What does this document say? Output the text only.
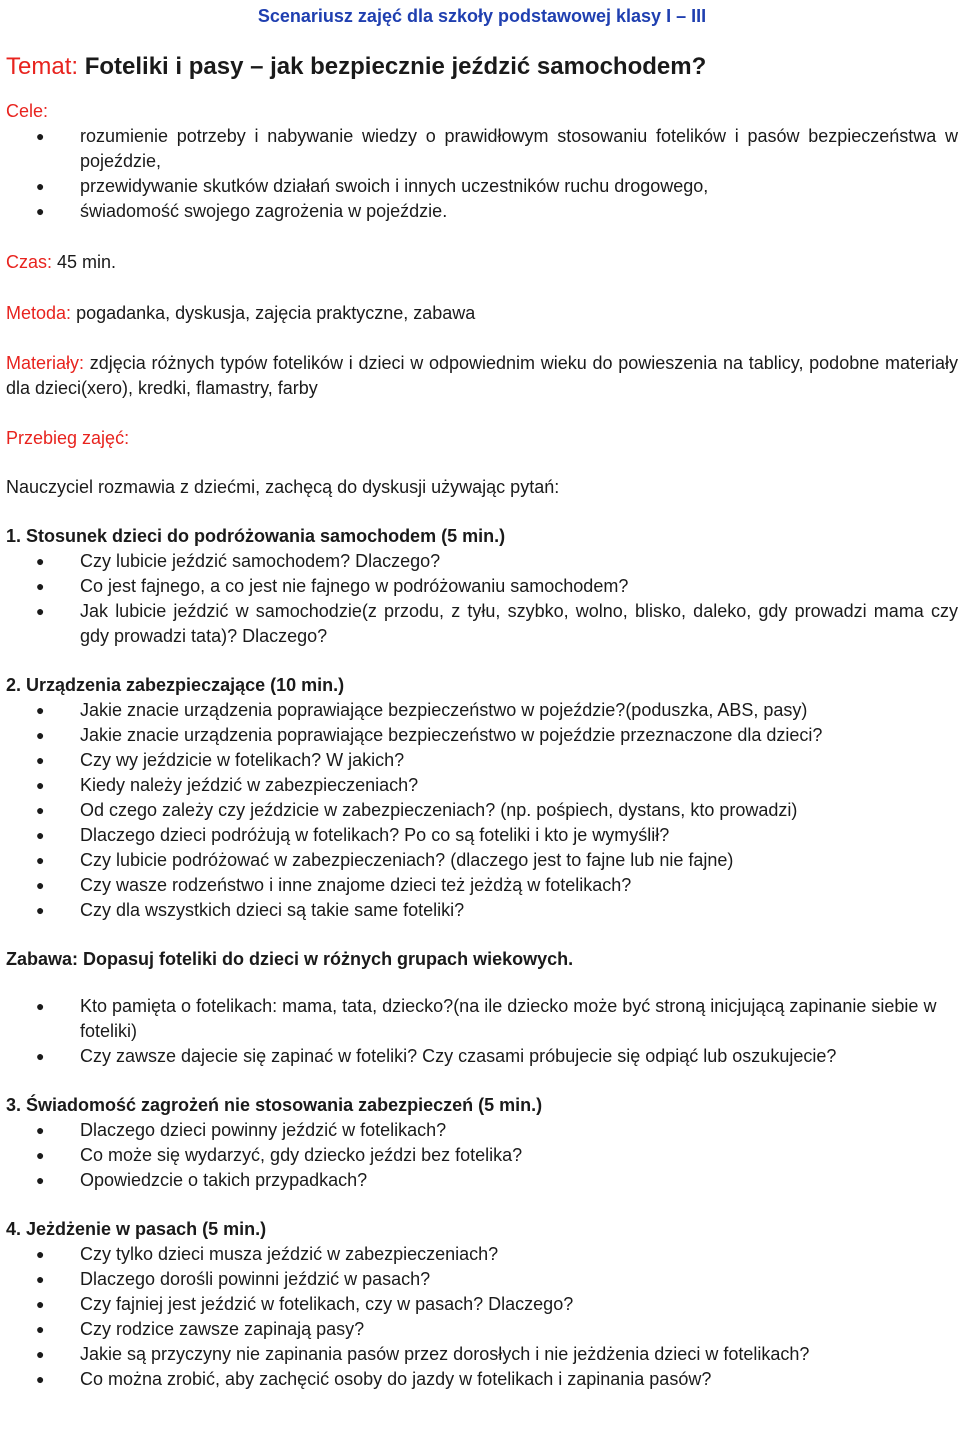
Scenariusz zajęć dla szkoły podstawowej klasy I – III
Temat: Foteliki i pasy – jak bezpiecznie jeździć samochodem?
Cele:
● rozumienie potrzeby i nabywanie wiedzy o prawidłowym stosowaniu fotelików i pasów bezpieczeństwa w pojeździe,
● przewidywanie skutków działań swoich i innych uczestników ruchu drogowego,
● świadomość swojego zagrożenia w pojeździe.
Czas: 45 min.
Metoda: pogadanka, dyskusja, zajęcia praktyczne, zabawa
Materiały: zdjęcia różnych typów fotelików i dzieci w odpowiednim wieku do powieszenia na tablicy, podobne materiały dla dzieci(xero), kredki, flamastry, farby
Przebieg zajęć:
Nauczyciel rozmawia z dziećmi, zachęcą do dyskusji używając pytań:
1. Stosunek dzieci do podróżowania samochodem (5 min.)
● Czy lubicie jeździć samochodem? Dlaczego?
● Co jest fajnego, a co jest nie fajnego w podróżowaniu samochodem?
● Jak lubicie jeździć w samochodzie(z przodu, z tyłu, szybko, wolno, blisko, daleko, gdy prowadzi mama czy gdy prowadzi tata)? Dlaczego?
2. Urządzenia zabezpieczające (10 min.)
● Jakie znacie urządzenia poprawiające bezpieczeństwo w pojeździe?(poduszka, ABS, pasy)
● Jakie znacie urządzenia poprawiające bezpieczeństwo w pojeździe przeznaczone dla dzieci?
● Czy wy jeździcie w fotelikach? W jakich?
● Kiedy należy jeździć w zabezpieczeniach?
● Od czego zależy czy jeździcie w zabezpieczeniach? (np. pośpiech, dystans, kto prowadzi)
● Dlaczego dzieci podróżują w fotelikach? Po co są foteliki i kto je wymyślił?
● Czy lubicie podróżować w zabezpieczeniach? (dlaczego jest to fajne lub nie fajne)
● Czy wasze rodzeństwo i inne znajome dzieci też jeżdżą w fotelikach?
● Czy dla wszystkich dzieci są takie same foteliki?
Zabawa: Dopasuj foteliki do dzieci w różnych grupach wiekowych.
● Kto pamięta o fotelikach: mama, tata, dziecko?(na ile dziecko może być stroną inicjującą zapinanie siebie w foteliki)
● Czy zawsze dajecie się zapinać w foteliki? Czy czasami próbujecie się odpiąć lub oszukujecie?
3. Świadomość zagrożeń nie stosowania zabezpieczeń (5 min.)
● Dlaczego dzieci powinny jeździć w fotelikach?
● Co może się wydarzyć, gdy dziecko jeździ bez fotelika?
● Opowiedzcie o takich przypadkach?
4. Jeżdżenie w pasach (5 min.)
● Czy tylko dzieci musza jeździć w zabezpieczeniach?
● Dlaczego dorośli powinni jeździć w pasach?
● Czy fajniej jest jeździć w fotelikach, czy w pasach? Dlaczego?
● Czy rodzice zawsze zapinają pasy?
● Jakie są przyczyny nie zapinania pasów przez dorosłych i nie jeżdżenia dzieci w fotelikach?
● Co można zrobić, aby zachęcić osoby do jazdy w fotelikach i zapinania pasów?
